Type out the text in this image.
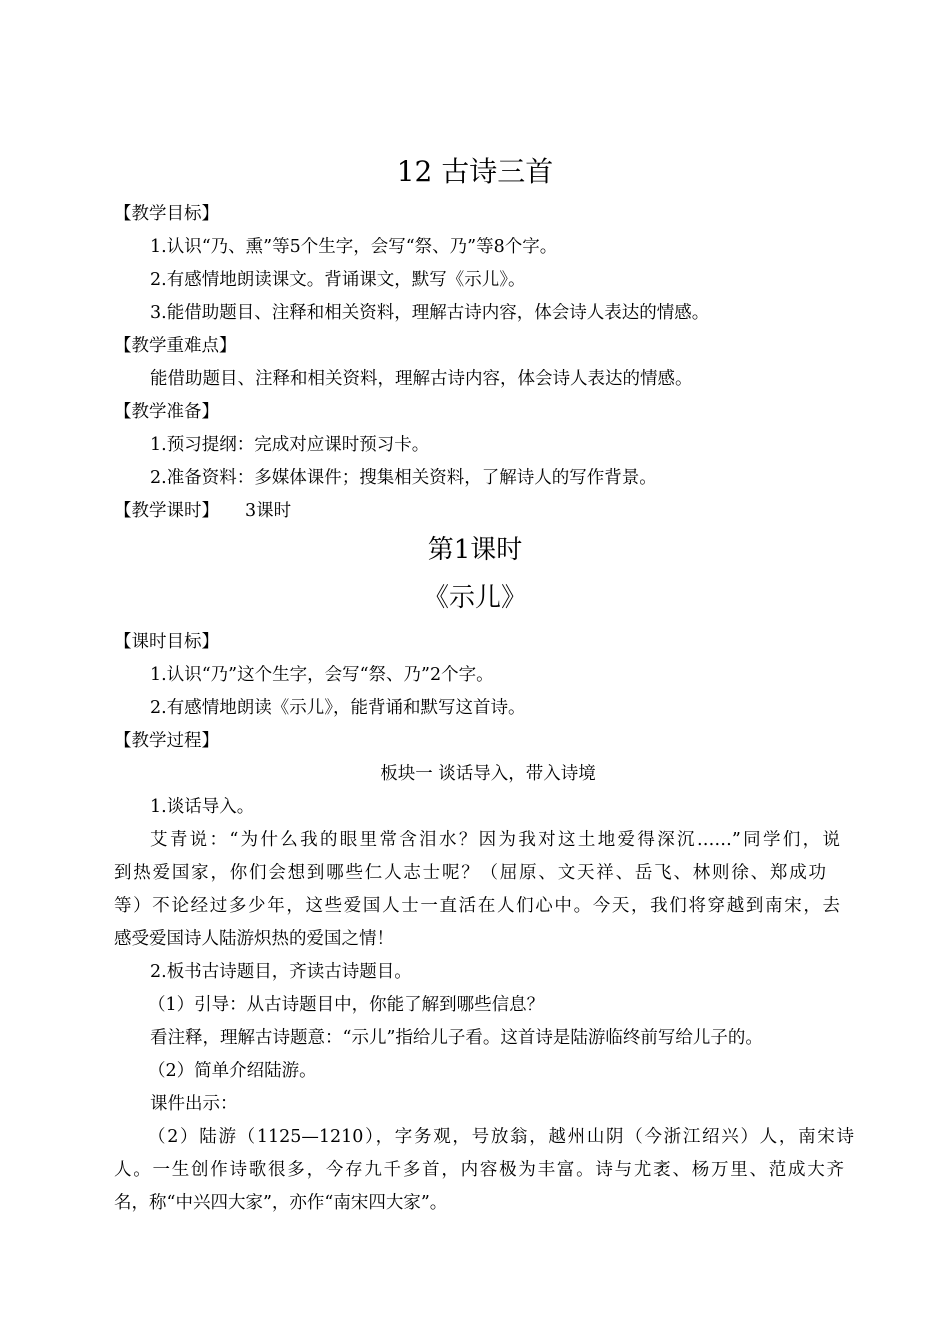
12 古诗三首
【教学目标】
1.认识“乃、熏”等5个生字，会写“祭、乃”等8个字。
2.有感情地朗读课文。背诵课文，默写《示儿》。
3.能借助题目、注释和相关资料，理解古诗内容，体会诗人表达的情感。
【教学重难点】
能借助题目、注释和相关资料，理解古诗内容，体会诗人表达的情感。
【教学准备】
1.预习提纲：完成对应课时预习卡。
2.准备资料：多媒体课件；搜集相关资料，了解诗人的写作背景。
【教学课时】 3课时
第1课时
《示儿》
【课时目标】
1.认识“乃”这个生字，会写“祭、乃”2个字。
2.有感情地朗读《示儿》，能背诵和默写这首诗。
【教学过程】
板块一 谈话导入，带入诗境
1.谈话导入。
艾青说：“为什么我的眼里常含泪水？因为我对这土地爱得深沉……”同学们，说
到热爱国家，你们会想到哪些仁人志士呢？（屈原、文天祥、岳飞、林则徐、郑成功
等）不论经过多少年，这些爱国人士一直活在人们心中。今天，我们将穿越到南宋，去
感受爱国诗人陆游炽热的爱国之情！
2.板书古诗题目，齐读古诗题目。
（1）引导：从古诗题目中，你能了解到哪些信息？
看注释，理解古诗题意：“示儿”指给儿子看。这首诗是陆游临终前写给儿子的。
（2）简单介绍陆游。
课件出示：
（2）陆游（1125—1210），字务观，号放翁，越州山阴（今浙江绍兴）人，南宋诗
人。一生创作诗歌很多，今存九千多首，内容极为丰富。诗与尤袤、杨万里、范成大齐
名，称“中兴四大家”，亦作“南宋四大家”。
